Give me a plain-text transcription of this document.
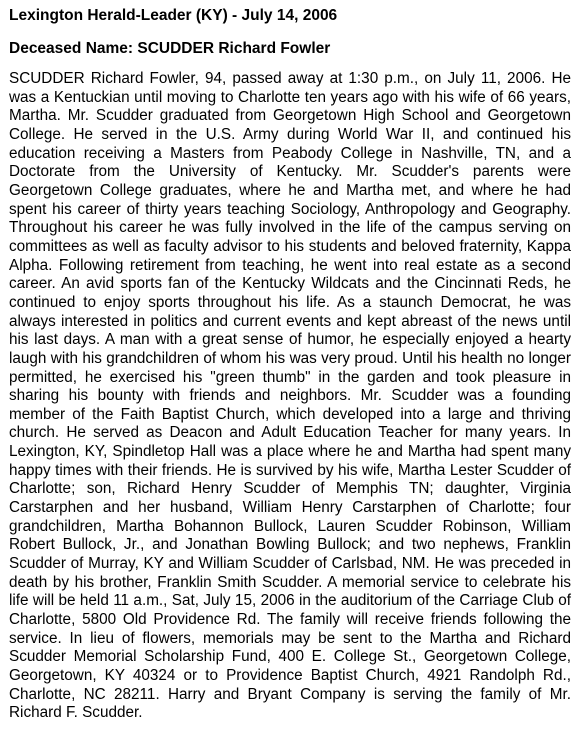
Lexington Herald-Leader (KY) - July 14, 2006
Deceased Name: SCUDDER Richard Fowler

SCUDDER Richard Fowler, 94, passed away at 1:30 p.m., on July 11, 2006. He was a Kentuckian until moving to Charlotte ten years ago with his wife of 66 years, Martha. Mr. Scudder graduated from Georgetown High School and Georgetown College. He served in the U.S. Army during World War II, and continued his education receiving a Masters from Peabody College in Nashville, TN, and a Doctorate from the University of Kentucky. Mr. Scudder's parents were Georgetown College graduates, where he and Martha met, and where he had spent his career of thirty years teaching Sociology, Anthropology and Geography. Throughout his career he was fully involved in the life of the campus serving on committees as well as faculty advisor to his students and beloved fraternity, Kappa Alpha. Following retirement from teaching, he went into real estate as a second career. An avid sports fan of the Kentucky Wildcats and the Cincinnati Reds, he continued to enjoy sports throughout his life. As a staunch Democrat, he was always interested in politics and current events and kept abreast of the news until his last days. A man with a great sense of humor, he especially enjoyed a hearty laugh with his grandchildren of whom his was very proud. Until his health no longer permitted, he exercised his "green thumb" in the garden and took pleasure in sharing his bounty with friends and neighbors. Mr. Scudder was a founding member of the Faith Baptist Church, which developed into a large and thriving church. He served as Deacon and Adult Education Teacher for many years. In Lexington, KY, Spindletop Hall was a place where he and Martha had spent many happy times with their friends. He is survived by his wife, Martha Lester Scudder of Charlotte; son, Richard Henry Scudder of Memphis TN; daughter, Virginia Carstarphen and her husband, William Henry Carstarphen of Charlotte; four grandchildren, Martha Bohannon Bullock, Lauren Scudder Robinson, William Robert Bullock, Jr., and Jonathan Bowling Bullock; and two nephews, Franklin Scudder of Murray, KY and William Scudder of Carlsbad, NM. He was preceded in death by his brother, Franklin Smith Scudder. A memorial service to celebrate his life will be held 11 a.m., Sat, July 15, 2006 in the auditorium of the Carriage Club of Charlotte, 5800 Old Providence Rd. The family will receive friends following the service. In lieu of flowers, memorials may be sent to the Martha and Richard Scudder Memorial Scholarship Fund, 400 E. College St., Georgetown College, Georgetown, KY 40324 or to Providence Baptist Church, 4921 Randolph Rd., Charlotte, NC 28211. Harry and Bryant Company is serving the family of Mr. Richard F. Scudder.
